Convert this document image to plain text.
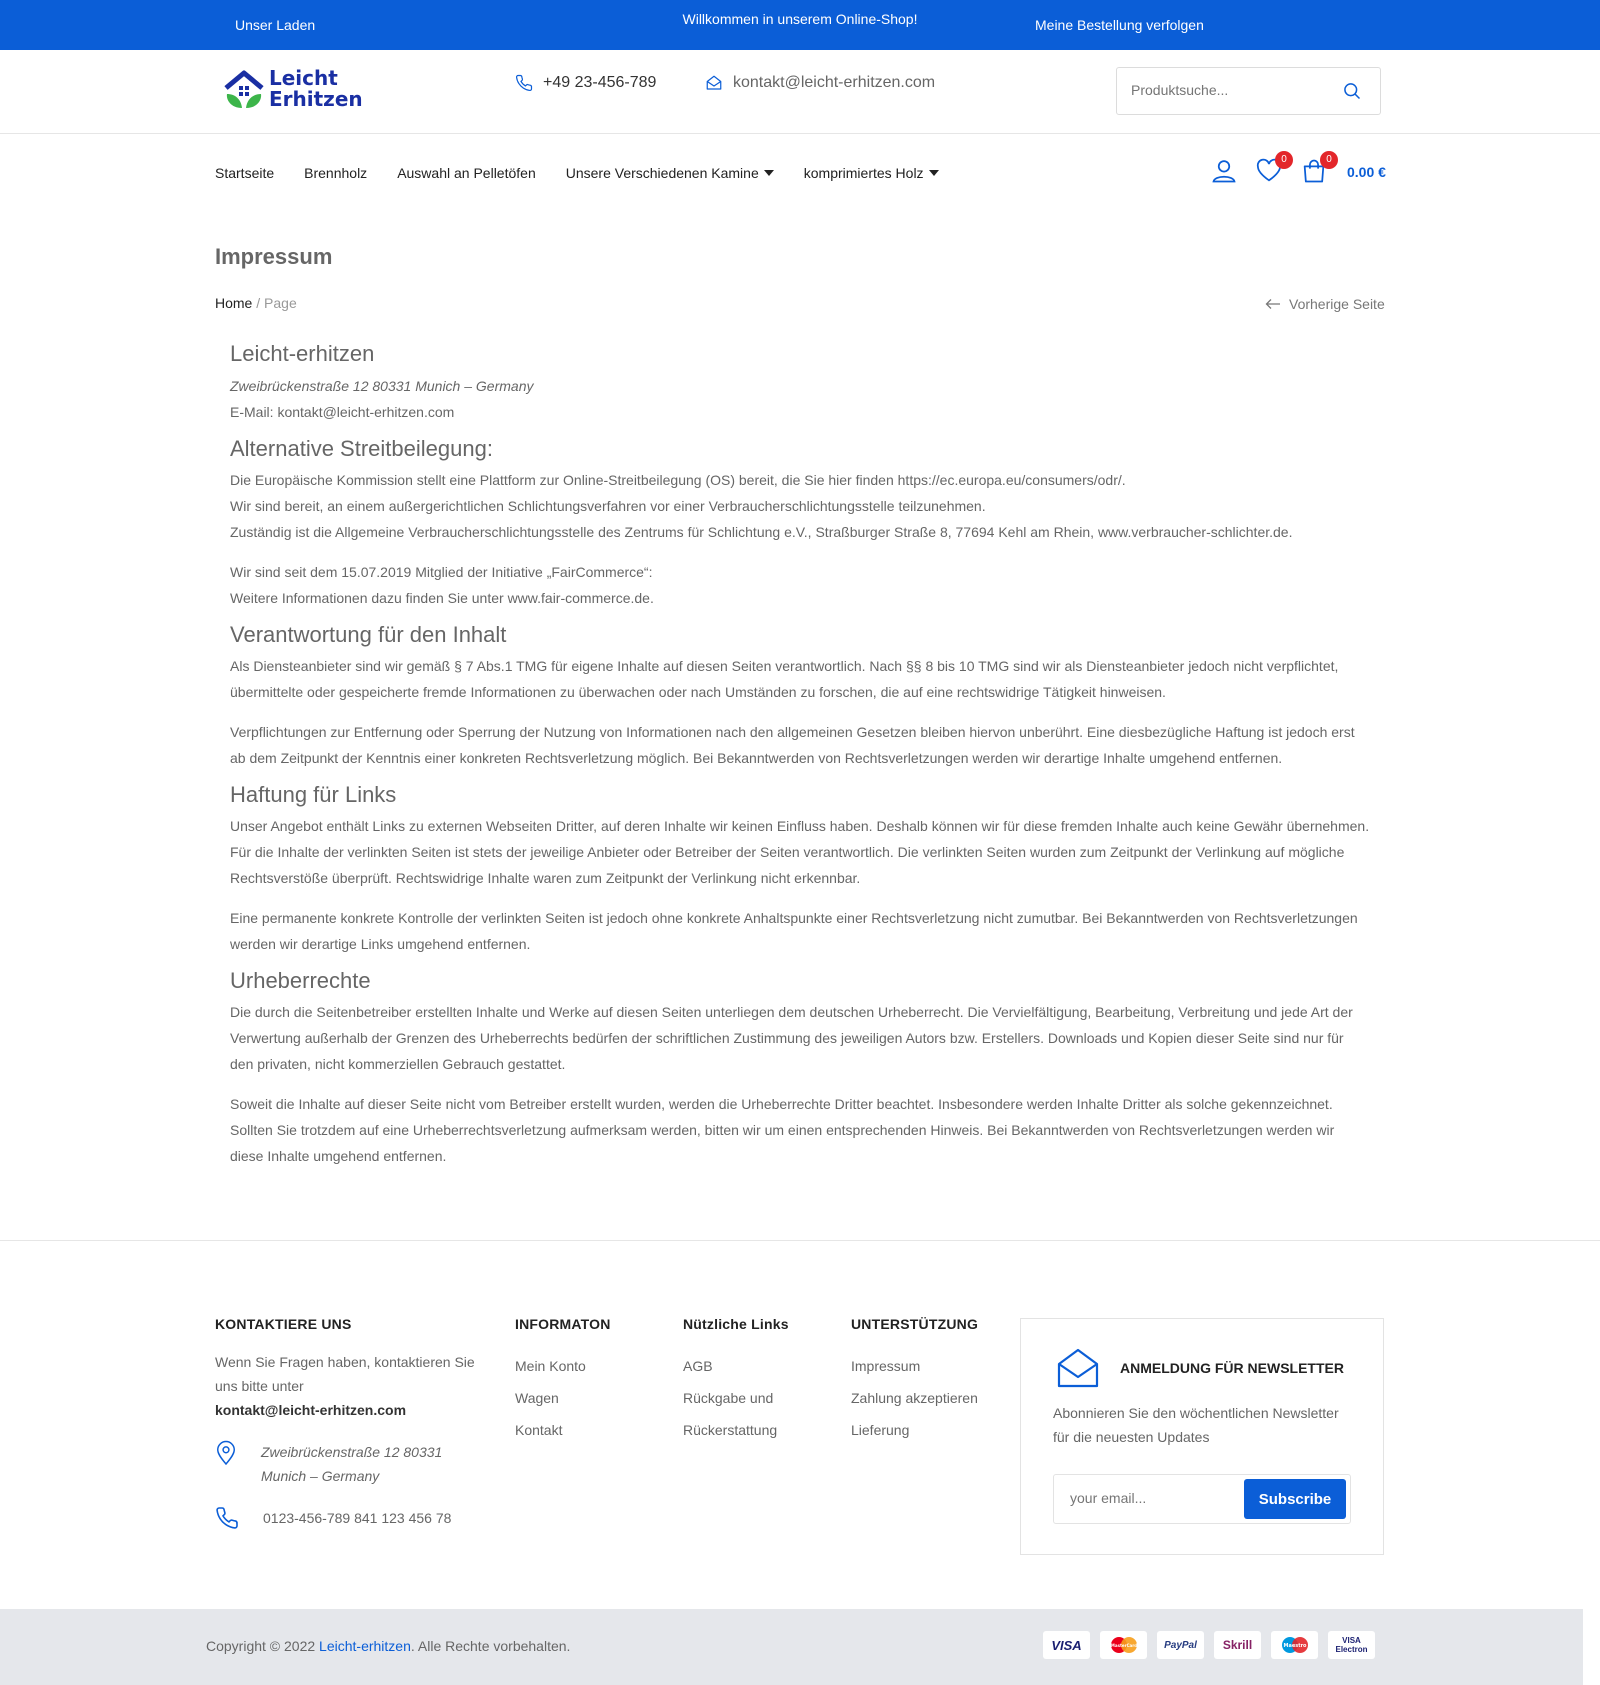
Unser Laden	Willkommen in unserem Online-Shop!	Meine Bestellung verfolgen
Leicht
Erhitzen
+49 23-456-789	kontakt@leicht-erhitzen.com
Produktsuche...
Startseite Brennholz Auswahl an Pelletöfen Unsere Verschiedenen Kamine	komprimiertes Holz
0	0
0.00 €
Impressum
Home / Page	Vorherige Seite
Leicht-erhitzen

Zweibrückenstraße 12 80331 Munich – Germany

E-Mail: kontakt@leicht-erhitzen.com

Alternative Streitbeilegung:

Die Europäische Kommission stellt eine Plattform zur Online-Streitbeilegung (OS) bereit, die Sie hier finden https://ec.europa.eu/consumers/odr/.

Wir sind bereit, an einem außergerichtlichen Schlichtungsverfahren vor einer Verbraucherschlichtungsstelle teilzunehmen.

Zuständig ist die Allgemeine Verbraucherschlichtungsstelle des Zentrums für Schlichtung e.V., Straßburger Straße 8, 77694 Kehl am Rhein, www.verbraucher-schlichter.de.

Wir sind seit dem 15.07.2019 Mitglied der Initiative „FairCommerce“:

Weitere Informationen dazu finden Sie unter www.fair-commerce.de.

Verantwortung für den Inhalt

Als Diensteanbieter sind wir gemäß § 7 Abs.1 TMG für eigene Inhalte auf diesen Seiten verantwortlich. Nach §§ 8 bis 10 TMG sind wir als Diensteanbieter jedoch nicht verpflichtet, übermittelte oder gespeicherte fremde Informationen zu überwachen oder nach Umständen zu forschen, die auf eine rechtswidrige Tätigkeit hinweisen.

Verpflichtungen zur Entfernung oder Sperrung der Nutzung von Informationen nach den allgemeinen Gesetzen bleiben hiervon unberührt. Eine diesbezügliche Haftung ist jedoch erst ab dem Zeitpunkt der Kenntnis einer konkreten Rechtsverletzung möglich. Bei Bekanntwerden von Rechtsverletzungen werden wir derartige Inhalte umgehend entfernen.

Haftung für Links

Unser Angebot enthält Links zu externen Webseiten Dritter, auf deren Inhalte wir keinen Einfluss haben. Deshalb können wir für diese fremden Inhalte auch keine Gewähr übernehmen. Für die Inhalte der verlinkten Seiten ist stets der jeweilige Anbieter oder Betreiber der Seiten verantwortlich. Die verlinkten Seiten wurden zum Zeitpunkt der Verlinkung auf mögliche Rechtsverstöße überprüft. Rechtswidrige Inhalte waren zum Zeitpunkt der Verlinkung nicht erkennbar.

Eine permanente konkrete Kontrolle der verlinkten Seiten ist jedoch ohne konkrete Anhaltspunkte einer Rechtsverletzung nicht zumutbar. Bei Bekanntwerden von Rechtsverletzungen werden wir derartige Links umgehend entfernen.

Urheberrechte

Die durch die Seitenbetreiber erstellten Inhalte und Werke auf diesen Seiten unterliegen dem deutschen Urheberrecht. Die Vervielfältigung, Bearbeitung, Verbreitung und jede Art der Verwertung außerhalb der Grenzen des Urheberrechts bedürfen der schriftlichen Zustimmung des jeweiligen Autors bzw. Erstellers. Downloads und Kopien dieser Seite sind nur für den privaten, nicht kommerziellen Gebrauch gestattet.

Soweit die Inhalte auf dieser Seite nicht vom Betreiber erstellt wurden, werden die Urheberrechte Dritter beachtet. Insbesondere werden Inhalte Dritter als solche gekennzeichnet. Sollten Sie trotzdem auf eine Urheberrechtsverletzung aufmerksam werden, bitten wir um einen entsprechenden Hinweis. Bei Bekanntwerden von Rechtsverletzungen werden wir diese Inhalte umgehend entfernen.

KONTAKTIERE UNS

Wenn Sie Fragen haben, kontaktieren Sie uns bitte unter
kontakt@leicht-erhitzen.com

Zweibrückenstraße 12 80331 Munich – Germany
0123-456-789 841 123 456 78
INFORMATON
Mein Konto
Wagen
Kontakt
Nützliche Links
AGB
Rückgabe und
Rückerstattung
UNTERSTÜTZUNG
Impressum
Zahlung akzeptieren
Lieferung
ANMELDUNG FÜR NEWSLETTER

Abonnieren Sie den wöchentlichen Newsletter für die neuesten Updates

your email...
Subscribe
Copyright © 2022 Leicht-erhitzen. Alle Rechte vorbehalten.	VISA	MasterCard	PayPal	Skrill	Maestro
VISA Electron
